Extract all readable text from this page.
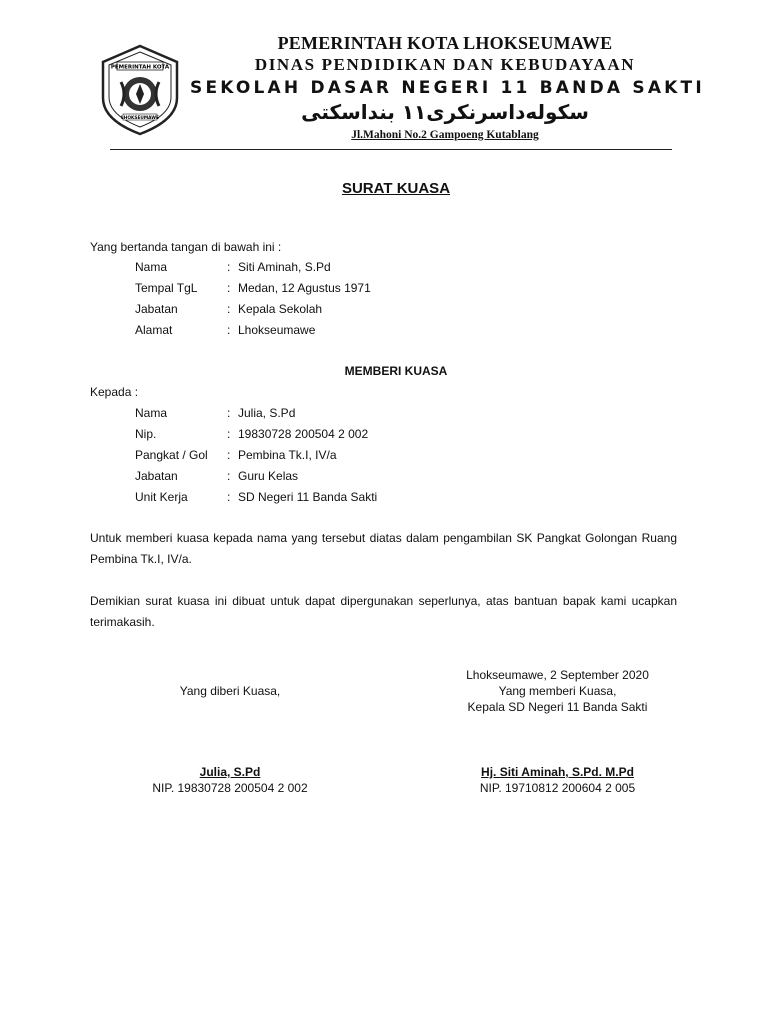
PEMERINTAH KOTA
LHOKSEUMAWE
PEMERINTAH KOTA LHOKSEUMAWE
DINAS PENDIDIKAN DAN KEBUDAYAAN
SEKOLAH DASAR NEGERI 11 BANDA SAKTI
سكوله‌داسرنكرى١١ بنداسكتى
Jl.Mahoni No.2 Gampoeng Kutablang
SURAT KUASA
Yang bertanda tangan di bawah ini :
Nama	: Siti Aminah, S.Pd
Tempal TgL : Medan, 12 Agustus 1971
Jabatan	: Kepala Sekolah
Alamat	: Lhokseumawe
MEMBERI KUASA
Kepada :
Nama	: Julia, S.Pd
Nip.	: 19830728 200504 2 002
Pangkat / Gol : Pembina Tk.I, IV/a
Jabatan	: Guru Kelas
Unit Kerja	: SD Negeri 11 Banda Sakti
Untuk memberi kuasa kepada nama yang tersebut diatas dalam pengambilan SK Pangkat Golongan Ruang Pembina Tk.I, IV/a.
Demikian surat kuasa ini dibuat untuk dapat dipergunakan seperlunya, atas bantuan bapak kami ucapkan terimakasih.
Lhokseumawe, 2 September 2020
Yang diberi Kuasa,	Yang memberi Kuasa,
Kepala SD Negeri 11 Banda Sakti
Julia, S.Pd
NIP. 19830728 200504 2 002
Hj. Siti Aminah, S.Pd. M.Pd
NIP. 19710812 200604 2 005
